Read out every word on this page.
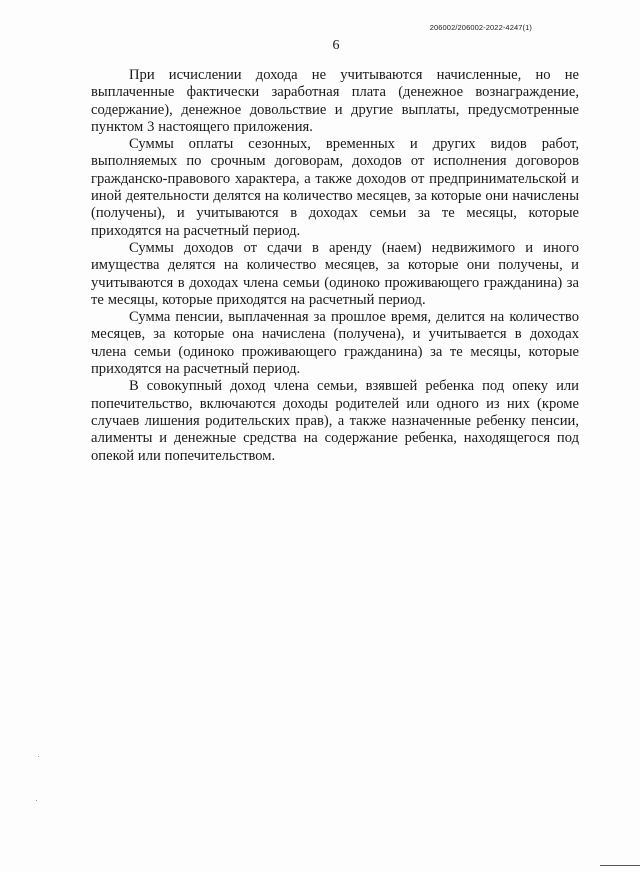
206002/206002-2022-4247(1)
6

При исчислении дохода не учитываются начисленные, но не выплаченные фактически заработная плата (денежное вознаграждение, содержание), денежное довольствие и другие выплаты, предусмотренные пунктом 3 настоящего приложения.

Суммы оплаты сезонных, временных и других видов работ, выполняемых по срочным договорам, доходов от исполнения договоров гражданско-правового характера, а также доходов от предпринимательской и иной деятельности делятся на количество месяцев, за которые они начислены (получены), и учитываются в доходах семьи за те месяцы, которые приходятся на расчетный период.

Суммы доходов от сдачи в аренду (наем) недвижимого и иного имущества делятся на количество месяцев, за которые они получены, и учитываются в доходах члена семьи (одиноко проживающего гражданина) за те месяцы, которые приходятся на расчетный период.

Сумма пенсии, выплаченная за прошлое время, делится на количество месяцев, за которые она начислена (получена), и учитывается в доходах члена семьи (одиноко проживающего гражданина) за те месяцы, которые приходятся на расчетный период.

В совокупный доход члена семьи, взявшей ребенка под опеку или попечительство, включаются доходы родителей или одного из них (кроме случаев лишения родительских прав), а также назначенные ребенку пенсии, алименты и денежные средства на содержание ребенка, находящегося под опекой или попечительством.
